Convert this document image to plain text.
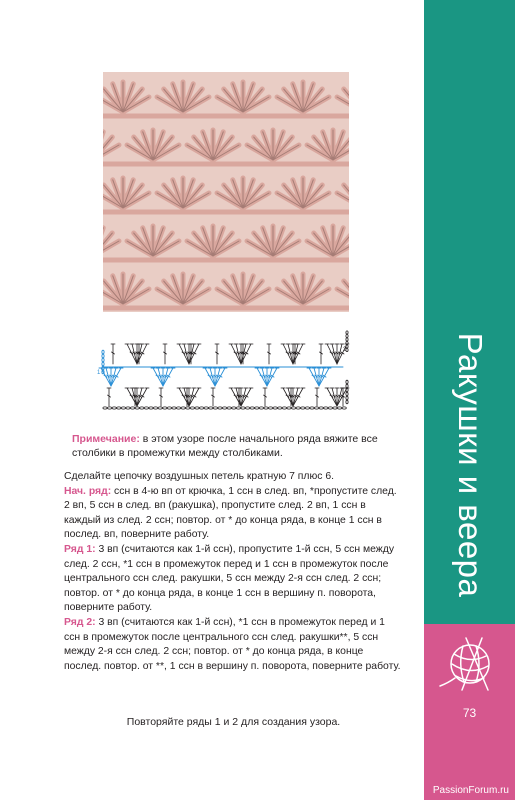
Ракушки и веера
73
PassionForum.ru
1
2

Примечание: в этом узоре после начального ряда вяжите все столбики в промежутки между столбиками.

Сделайте цепочку воздушных петель кратную 7 плюс 6.

Нач. ряд: ссн в 4-ю вп от крючка, 1 ссн в след. вп, *пропустите след. 2 вп, 5 ссн в след. вп (ракушка), пропустите след. 2 вп, 1 ссн в каждый из след. 2 ссн; повтор. от * до конца ряда, в конце 1 ссн в послед. вп, поверните работу.

Ряд 1: 3 вп (считаются как 1-й ссн), пропустите 1-й ссн, 5 ссн между след. 2 ссн, *1 ссн в промежуток перед и 1 ссн в промежуток после центрального ссн след. ракушки, 5 ссн между 2-я ссн след. 2 ссн; повтор. от * до конца ряда, в конце 1 ссн в вершину п. поворота, поверните работу.

Ряд 2: 3 вп (считаются как 1-й ссн), *1 ссн в промежуток перед и 1 ссн в промежуток после центрального ссн след. ракушки**, 5 ссн между 2-я ссн след. 2 ссн; повтор. от * до конца ряда, в конце послед. повтор. от **, 1 ссн в вершину п. поворота, поверните работу.

Повторяйте ряды 1 и 2 для создания узора.
